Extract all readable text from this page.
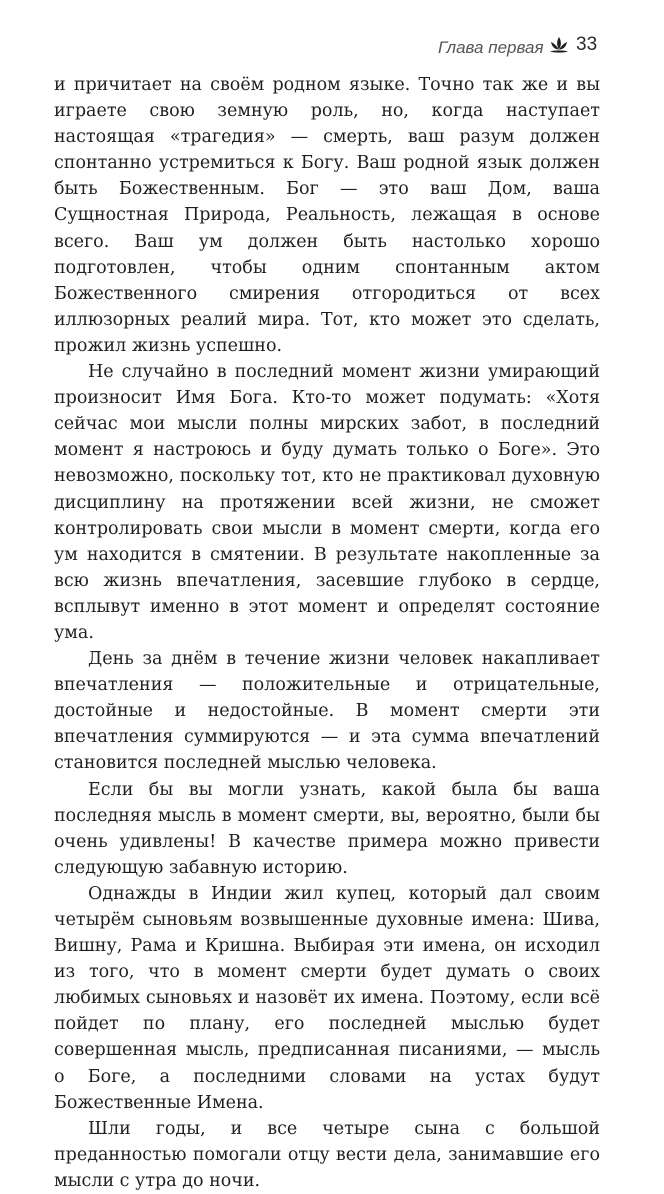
Глава первая 33

и причитает на своём родном языке. Точно так же и вы играете свою земную роль, но, когда наступает настоящая «трагедия» — смерть, ваш разум должен спонтанно устремиться к Богу. Ваш родной язык должен быть Божественным. Бог — это ваш Дом, ваша Сущностная Природа, Реальность, лежащая в основе всего. Ваш ум должен быть настолько хорошо подготовлен, чтобы одним спонтанным актом Божественного смирения отгородиться от всех иллюзорных реалий мира. Тот, кто может это сделать, прожил жизнь успешно.

Не случайно в последний момент жизни умирающий произносит Имя Бога. Кто-то может подумать: «Хотя сейчас мои мысли полны мирских забот, в последний момент я настроюсь и буду думать только о Боге». Это невозможно, поскольку тот, кто не практиковал духовную дисциплину на протяжении всей жизни, не сможет контролировать свои мысли в момент смерти, когда его ум находится в смятении. В результате накопленные за всю жизнь впечатления, засевшие глубоко в сердце, всплывут именно в этот момент и определят состояние ума.

День за днём в течение жизни человек накапливает впечатления — положительные и отрицательные, достойные и недостойные. В момент смерти эти впечатления суммируются — и эта сумма впечатлений становится последней мыслью человека.

Если бы вы могли узнать, какой была бы ваша последняя мысль в момент смерти, вы, вероятно, были бы очень удивлены! В качестве примера можно привести следующую забавную историю.

Однажды в Индии жил купец, который дал своим четырём сыновьям возвышенные духовные имена: Шива, Вишну, Рама и Кришна. Выбирая эти имена, он исходил из того, что в момент смерти будет думать о своих любимых сыновьях и назовёт их имена. Поэтому, если всё пойдет по плану, его последней мыслью будет совершенная мысль, предписанная писаниями, — мысль о Боге, а последними словами на устах будут Божественные Имена.

Шли годы, и все четыре сына с большой преданностью помогали отцу вести дела, занимавшие его мысли с утра до ночи.
